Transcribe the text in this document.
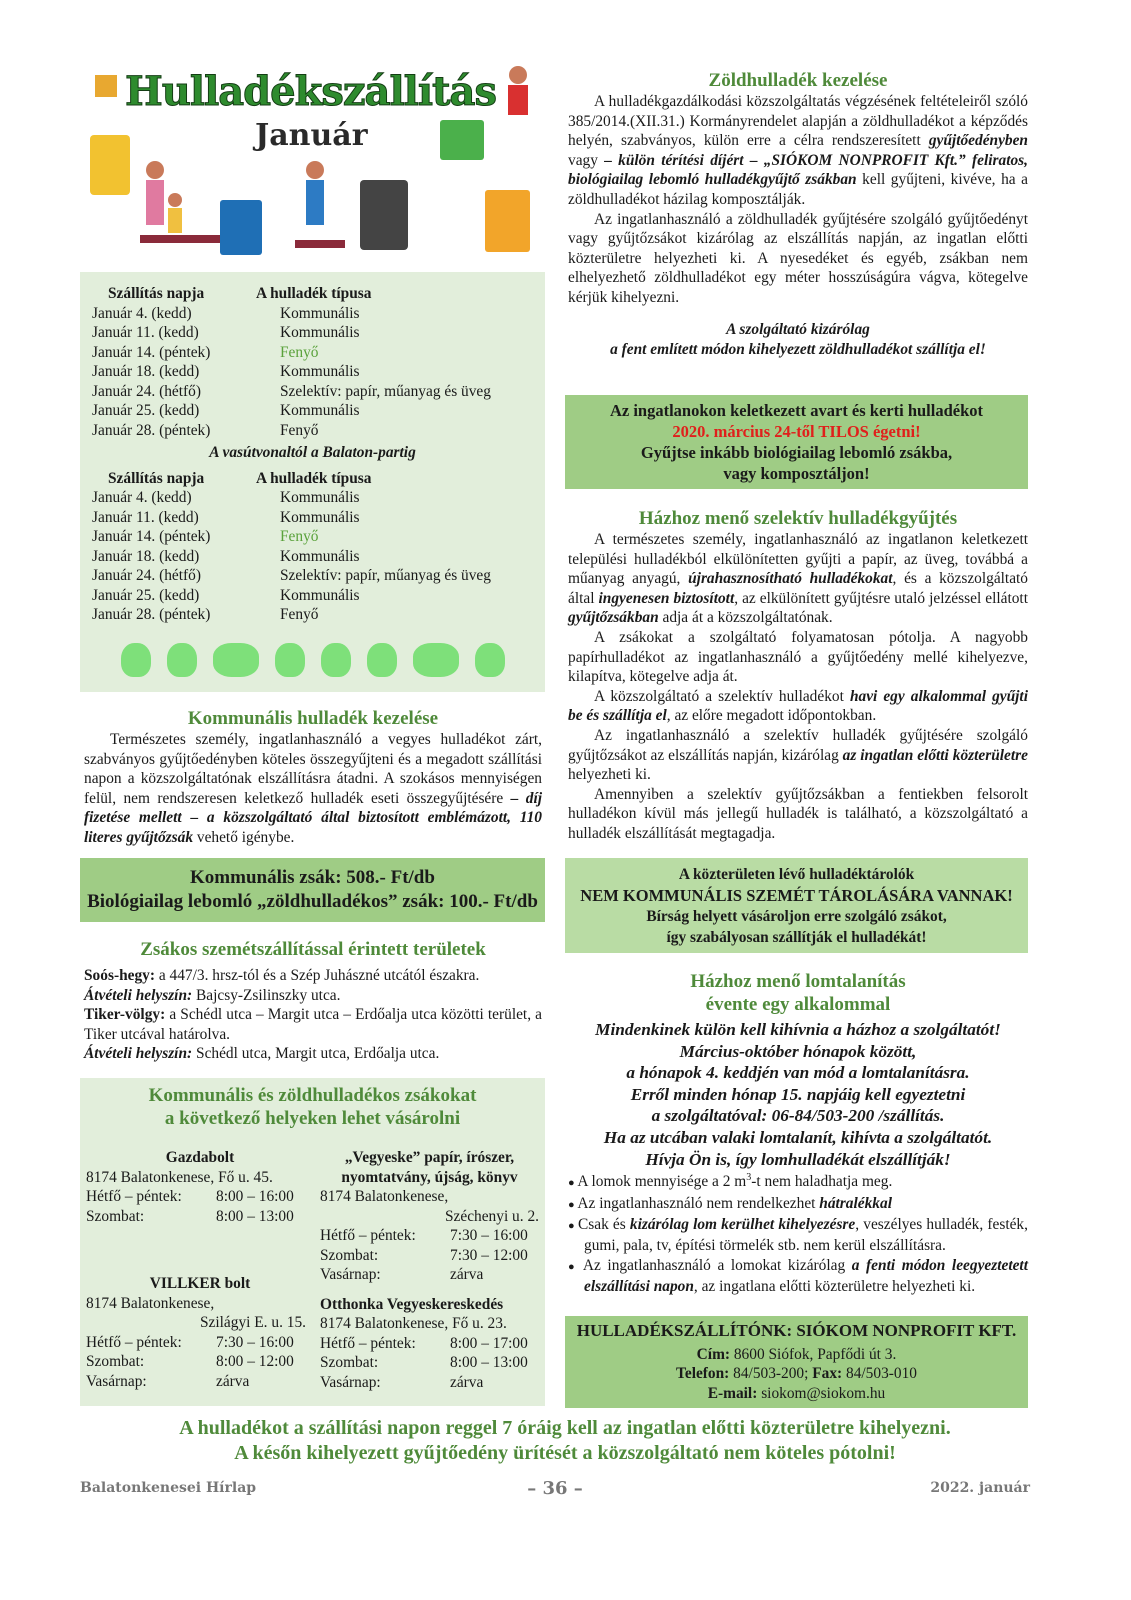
Hulladékszállítás
Január
Szállítás napja	A hulladék típusa
Január 4. (kedd)	Kommunális
Január 11. (kedd)	Kommunális
Január 14. (péntek)	Fenyő
Január 18. (kedd)	Kommunális
Január 24. (hétfő)	Szelektív: papír, műanyag és üveg
Január 25. (kedd)	Kommunális
Január 28. (péntek)	Fenyő
A vasútvonaltól a Balaton-partig
Szállítás napja	A hulladék típusa
Január 4. (kedd)	Kommunális
Január 11. (kedd)	Kommunális
Január 14. (péntek)	Fenyő
Január 18. (kedd)	Kommunális
Január 24. (hétfő)	Szelektív: papír, műanyag és üveg
Január 25. (kedd)	Kommunális
Január 28. (péntek)	Fenyő
Kommunális hulladék kezelése
Természetes személy, ingatlanhasználó a vegyes hulladékot zárt, szabványos gyűjtőedényben köteles összegyűjteni és a megadott szállítási napon a közszolgáltatónak elszállításra átadni. A szokásos mennyiségen felül, nem rendszeresen keletkező hulladék eseti összegyűjtésére – díj fizetése mellett – a közszolgáltató által biztosított emblémázott, 110 literes gyűjtőzsák vehető igénybe.
Kommunális zsák: 508.- Ft/db
Biológiailag lebomló „zöldhulladékos” zsák: 100.- Ft/db
Zsákos szemétszállítással érintett területek
Soós-hegy: a 447/3. hrsz-tól és a Szép Juhászné utcától északra.
Átvételi helyszín: Bajcsy-Zsilinszky utca.
Tiker-völgy: a Schédl utca – Margit utca – Erdőalja utca közötti terület, a Tiker utcával határolva.
Átvételi helyszín: Schédl utca, Margit utca, Erdőalja utca.
Kommunális és zöldhulladékos zsákokat
a következő helyeken lehet vásárolni
Gazdabolt
8174 Balatonkenese, Fő u. 45.
Hétfő – péntek:	8:00 – 16:00
Szombat:	8:00 – 13:00
VILLKER bolt
8174 Balatonkenese,
Szilágyi E. u. 15.
Hétfő – péntek:	7:30 – 16:00
Szombat:	8:00 – 12:00
Vasárnap:	zárva
„Vegyeske” papír, írószer,
nyomtatvány, újság, könyv
8174 Balatonkenese,
Széchenyi u. 2.
Hétfő – péntek:	7:30 – 16:00
Szombat:	7:30 – 12:00
Vasárnap:	zárva
Otthonka Vegyeskereskedés
8174 Balatonkenese, Fő u. 23.
Hétfő – péntek:	8:00 – 17:00
Szombat:	8:00 – 13:00
Vasárnap:	zárva
Zöldhulladék kezelése
A hulladékgazdálkodási közszolgáltatás végzésének feltételeiről szóló 385/2014.(XII.31.) Kormányrendelet alapján a zöldhulladékot a képződés helyén, szabványos, külön erre a célra rendszeresített gyűjtőedényben vagy – külön térítési díjért – „SIÓKOM NONPROFIT Kft.” feliratos, biológiailag lebomló hulladékgyűjtő zsákban kell gyűjteni, kivéve, ha a zöldhulladékot házilag komposztálják.
Az ingatlanhasználó a zöldhulladék gyűjtésére szolgáló gyűjtőedényt vagy gyűjtőzsákot kizárólag az elszállítás napján, az ingatlan előtti közterületre helyezheti ki. A nyesedéket és egyéb, zsákban nem elhelyezhető zöldhulladékot egy méter hosszúságúra vágva, kötegelve kérjük kihelyezni.
A szolgáltató kizárólag
a fent említett módon kihelyezett zöldhulladékot szállítja el!
Az ingatlanokon keletkezett avart és kerti hulladékot
2020. március 24-től TILOS égetni!
Gyűjtse inkább biológiailag lebomló zsákba,
vagy komposztáljon!
Házhoz menő szelektív hulladékgyűjtés
A természetes személy, ingatlanhasználó az ingatlanon keletkezett települési hulladékból elkülönítetten gyűjti a papír, az üveg, továbbá a műanyag anyagú, újrahasznosítható hulladékokat, és a közszolgáltató által ingyenesen biztosított, az elkülönített gyűjtésre utaló jelzéssel ellátott gyűjtőzsákban adja át a közszolgáltatónak.
A zsákokat a szolgáltató folyamatosan pótolja. A nagyobb papírhulladékot az ingatlanhasználó a gyűjtőedény mellé kihelyezve, kilapítva, kötegelve adja át.
A közszolgáltató a szelektív hulladékot havi egy alkalommal gyűjti be és szállítja el, az előre megadott időpontokban.
Az ingatlanhasználó a szelektív hulladék gyűjtésére szolgáló gyűjtőzsákot az elszállítás napján, kizárólag az ingatlan előtti közterületre helyezheti ki.
Amennyiben a szelektív gyűjtőzsákban a fentiekben felsorolt hulladékon kívül más jellegű hulladék is található, a közszolgáltató a hulladék elszállítását megtagadja.
A közterületen lévő hulladéktárolók
NEM KOMMUNÁLIS SZEMÉT TÁROLÁSÁRA VANNAK!
Bírság helyett vásároljon erre szolgáló zsákot,
így szabályosan szállítják el hulladékát!
Házhoz menő lomtalanítás
évente egy alkalommal
Mindenkinek külön kell kihívnia a házhoz a szolgáltatót!
Március-október hónapok között,
a hónapok 4. keddjén van mód a lomtalanításra.
Erről minden hónap 15. napjáig kell egyeztetni
a szolgáltatóval: 06-84/503-200 /szállítás.
Ha az utcában valaki lomtalanít, kihívta a szolgáltatót.
Hívja Ön is, így lomhulladékát elszállítják!
● A lomok mennyisége a 2 $m^3-t$ nem haladhatja meg.
● Az ingatlanhasználó nem rendelkezhet hátralékkal
● Csak és kizárólag lom kerülhet kihelyezésre, veszélyes hulladék, festék, gumi, pala, tv, építési törmelék stb. nem kerül elszállításra.
● Az ingatlanhasználó a lomokat kizárólag a fenti módon leegyeztetett elszállítási napon, az ingatlana előtti közterületre helyezheti ki.
HULLADÉKSZÁLLÍTÓNK: SIÓKOM NONPROFIT KFT.
Cím: 8600 Siófok, Papfődi út 3.
Telefon: 84/503-200; Fax: 84/503-010
E-mail: siokom@siokom.hu
A hulladékot a szállítási napon reggel 7 óráig kell az ingatlan előtti közterületre kihelyezni.
A későn kihelyezett gyűjtőedény ürítését a közszolgáltató nem köteles pótolni!
Balatonkenesei Hírlap	– 36 –	2022. január
